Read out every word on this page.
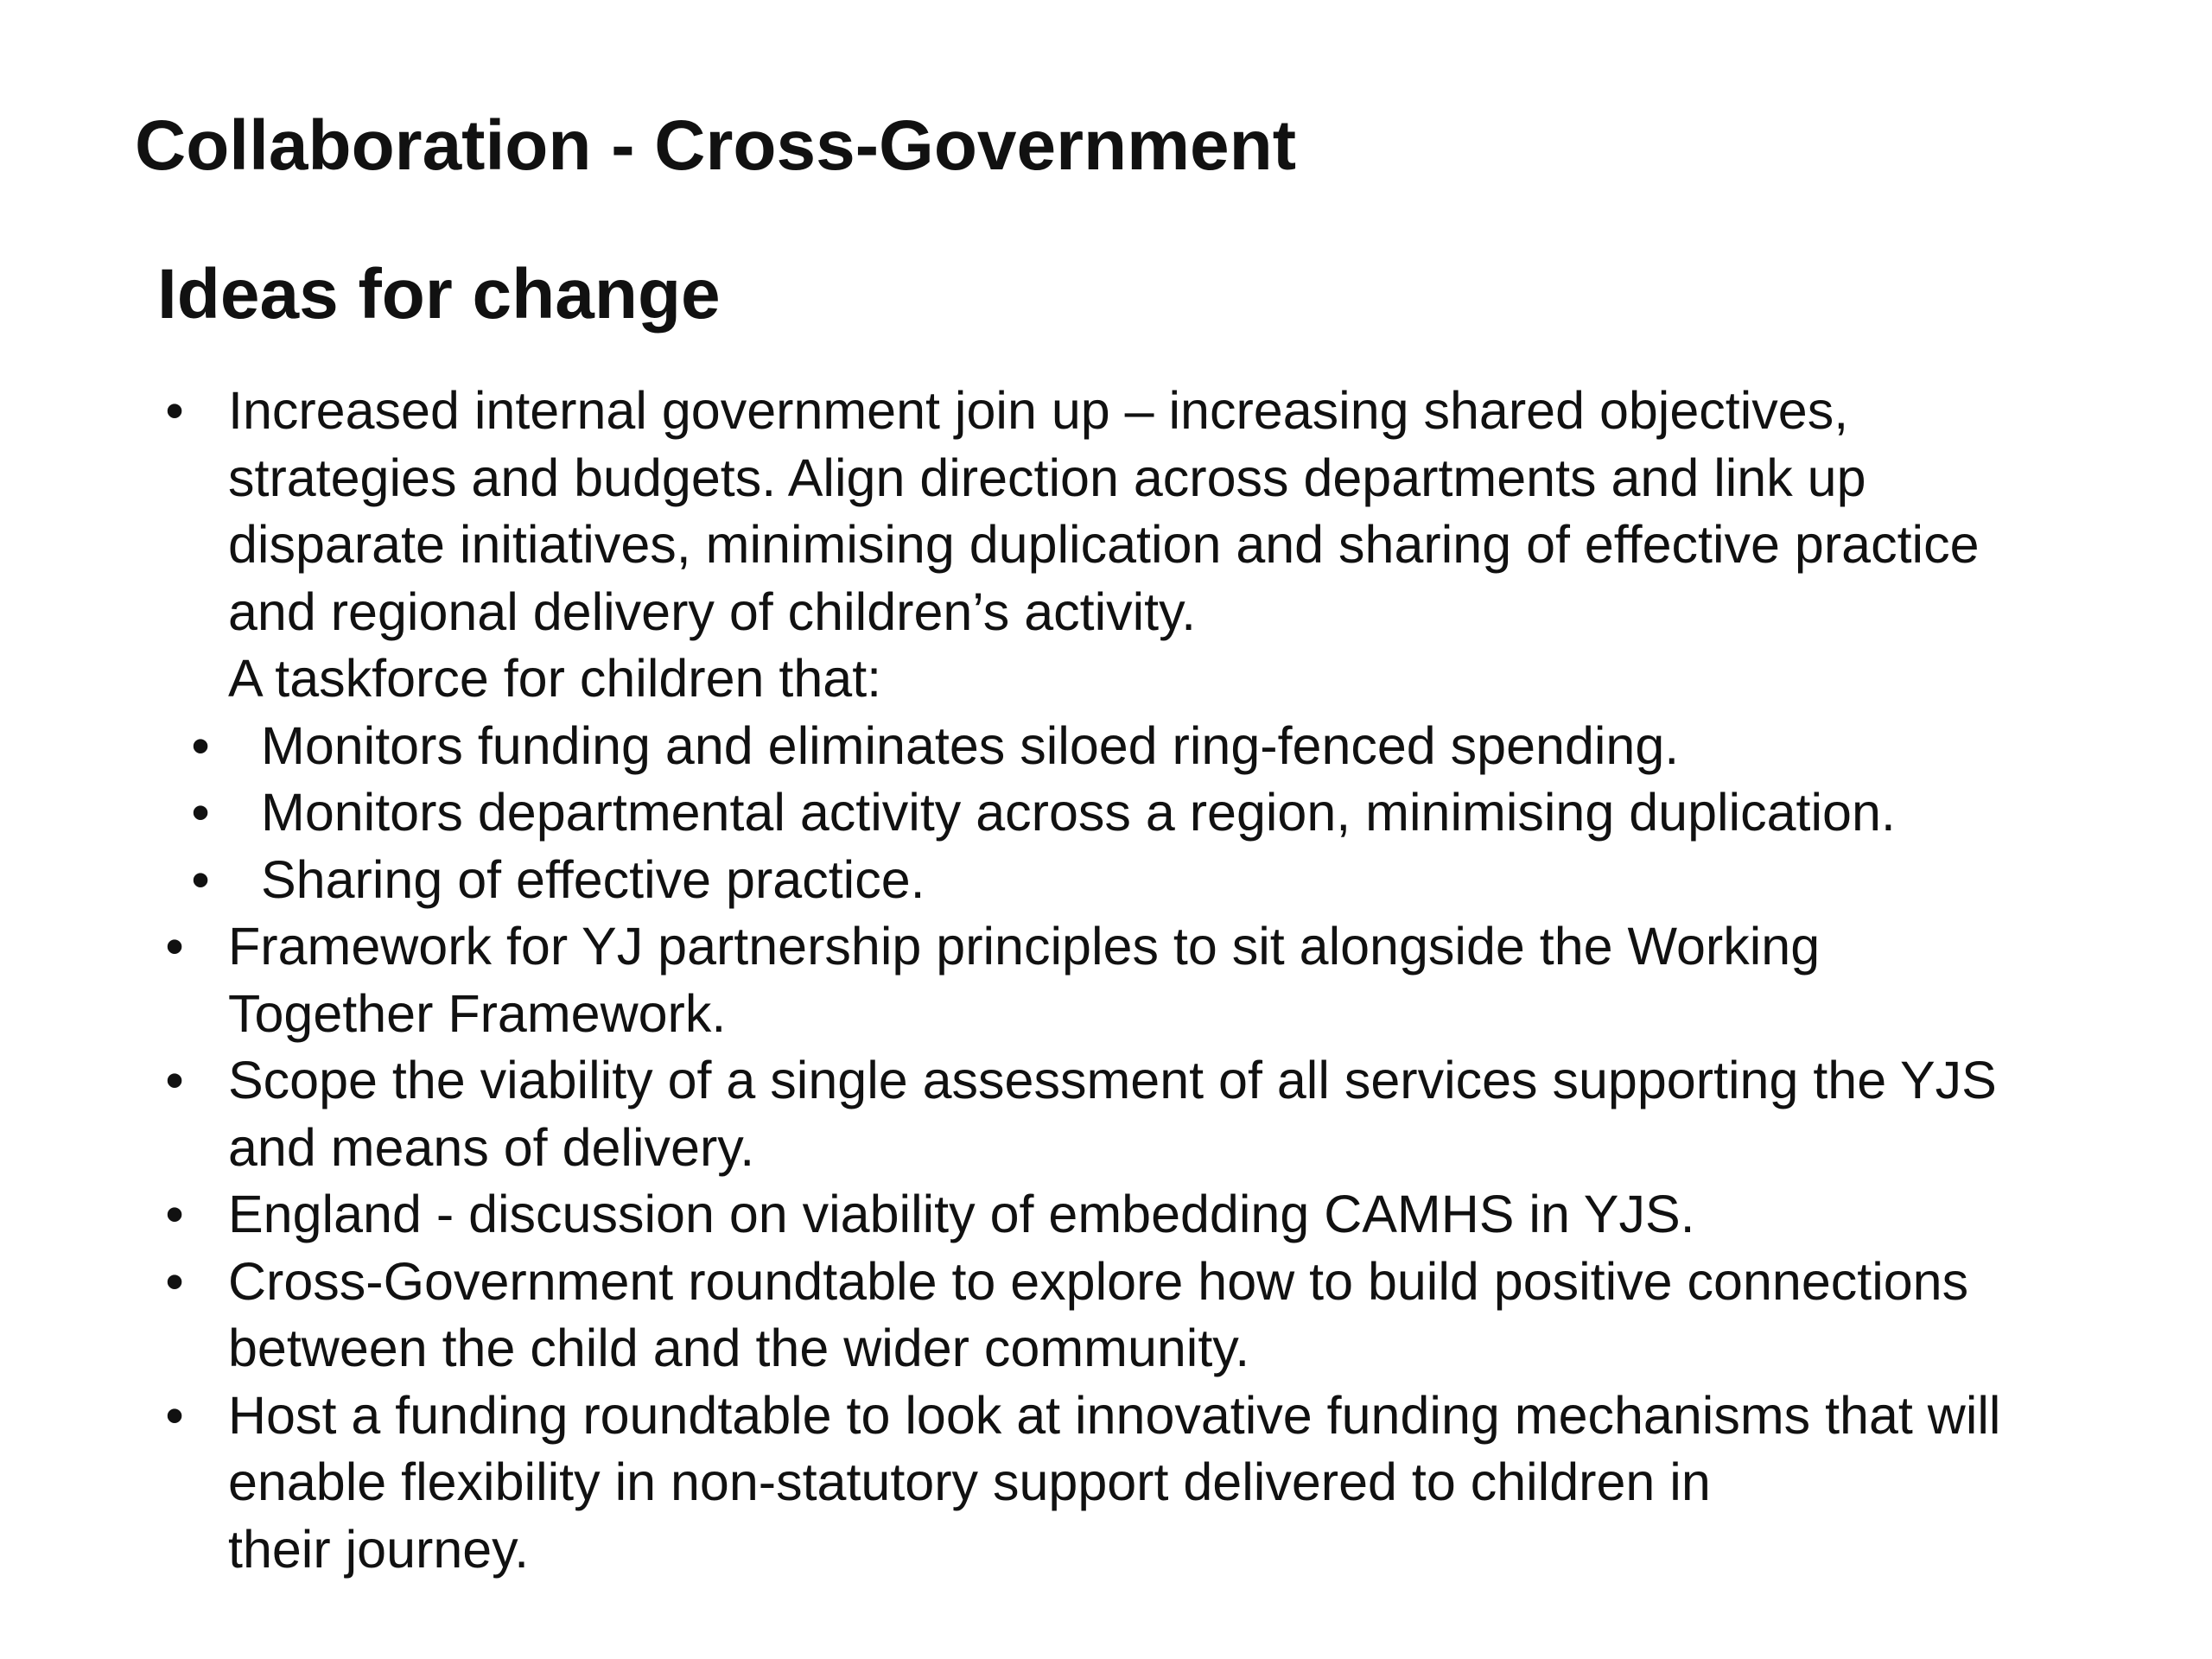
Collaboration - Cross-Government
Ideas for change
• Increased internal government join up – increasing shared objectives,
strategies and budgets. Align direction across departments and link up
disparate initiatives, minimising duplication and sharing of effective practice
and regional delivery of children’s activity.
A taskforce for children that:
• Monitors funding and eliminates siloed ring-fenced spending.
• Monitors departmental activity across a region, minimising duplication.
• Sharing of effective practice.
• Framework for YJ partnership principles to sit alongside the Working
Together Framework.
• Scope the viability of a single assessment of all services supporting the YJS
and means of delivery.
• England - discussion on viability of embedding CAMHS in YJS.
• Cross-Government roundtable to explore how to build positive connections
between the child and the wider community.
• Host a funding roundtable to look at innovative funding mechanisms that will
enable flexibility in non-statutory support delivered to children in
their journey.
